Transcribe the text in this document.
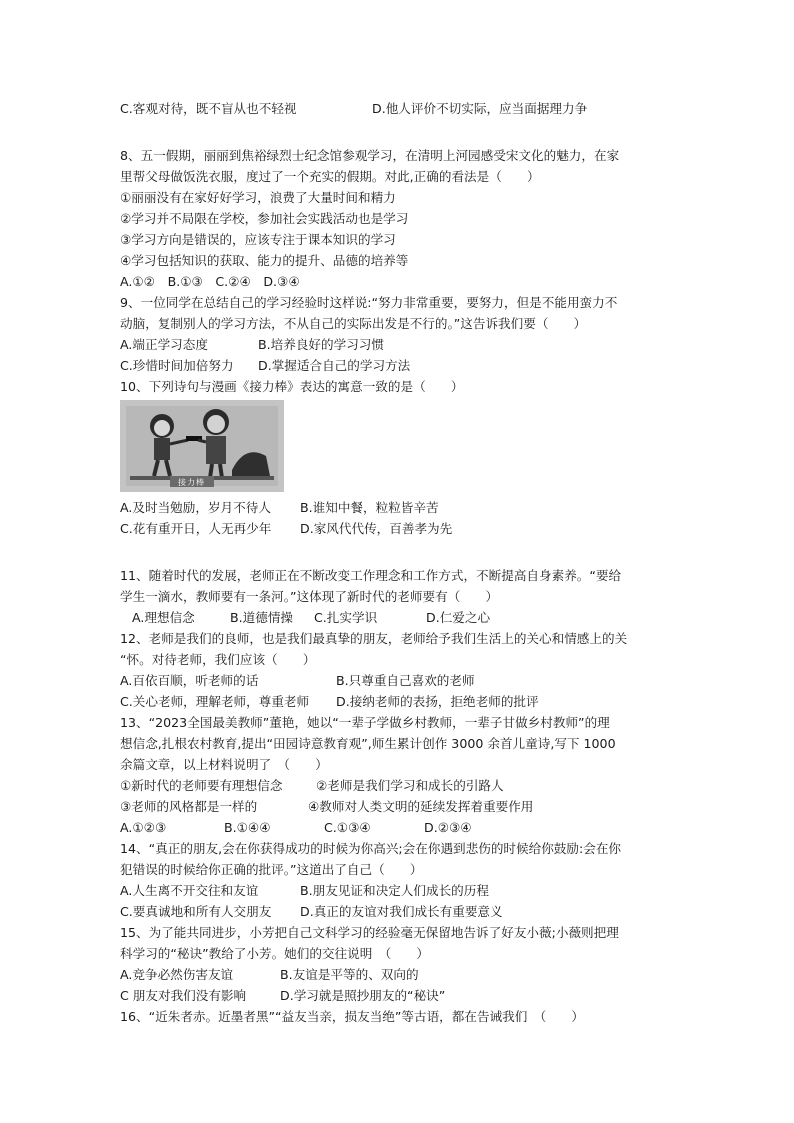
C.客观对待，既不盲从也不轻视	D.他人评价不切实际，应当面据理力争
8、五一假期，丽丽到焦裕绿烈士纪念馆参观学习，在清明上河园感受宋文化的魅力，在家
里帮父母做饭洗衣服，度过了一个充实的假期。对此,正确的看法是（　　）
①丽丽没有在家好好学习，浪费了大量时间和精力
②学习并不局限在学校，参加社会实践活动也是学习
③学习方向是错误的，应该专注于课本知识的学习
④学习包括知识的获取、能力的提升、品德的培养等
A.①②　B.①③　C.②④　D.③④
9、一位同学在总结自己的学习经验时这样说:“努力非常重要，要努力，但是不能用蛮力不
动脑，复制别人的学习方法，不从自己的实际出发是不行的。”这告诉我们要（　　）
A.端正学习态度	B.培养良好的学习习惯
C.珍惜时间加倍努力	D.掌握适合自己的学习方法
10、下列诗句与漫画《接力棒》表达的寓意一致的是（　　）
接力棒
A.及时当勉励，岁月不待人	B.谁知中餐，粒粒皆辛苦
C.花有重开日，人无再少年	D.家风代代传，百善孝为先
11、随着时代的发展，老师正在不断改变工作理念和工作方式，不断提高自身素养。“要给
学生一滴水，教师要有一条河。”这体现了新时代的老师要有（　　）
A.理想信念	B.道德情操	C.扎实学识	D.仁爱之心
12、老师是我们的良师，也是我们最真挚的朋友，老师给予我们生活上的关心和情感上的关
“怀。对待老师，我们应该（　　）
A.百依百顺，听老师的话	B.只尊重自己喜欢的老师
C.关心老师，理解老师，尊重老师	D.接纳老师的表扬，拒绝老师的批评
13、“2023全国最美教师”董艳，她以“一辈子学做乡村教师，一辈子甘做乡村教师”的理
想信念,扎根农村教育,提出“田园诗意教育观”,师生累计创作 3000 余首儿童诗,写下 1000
余篇文章，以上材料说明了　（　　）
①新时代的老师要有理想信念	②老师是我们学习和成长的引路人
③老师的风格都是一样的	④教师对人类文明的延续发挥着重要作用
A.①②③	B.①④④	C.①③④	D.②③④
14、“真正的朋友,会在你获得成功的时候为你高兴;会在你遇到悲伤的时候给你鼓励:会在你
犯错误的时候给你正确的批评。”这道出了自己（　　）
A.人生离不开交往和友谊	B.朋友见证和决定人们成长的历程
C.要真诚地和所有人交朋友	D.真正的友谊对我们成长有重要意义
15、为了能共同进步，小芳把自己文科学习的经验毫无保留地告诉了好友小薇;小薇则把理
科学习的“秘诀”教给了小芳。她们的交往说明　（　　）
A.竞争必然伤害友谊	B.友谊是平等的、双向的
C 朋友对我们没有影响	D.学习就是照抄朋友的“秘诀”
16、“近朱者赤。近墨者黑”“益友当亲，损友当绝”等古语，都在告诫我们　（　　）
